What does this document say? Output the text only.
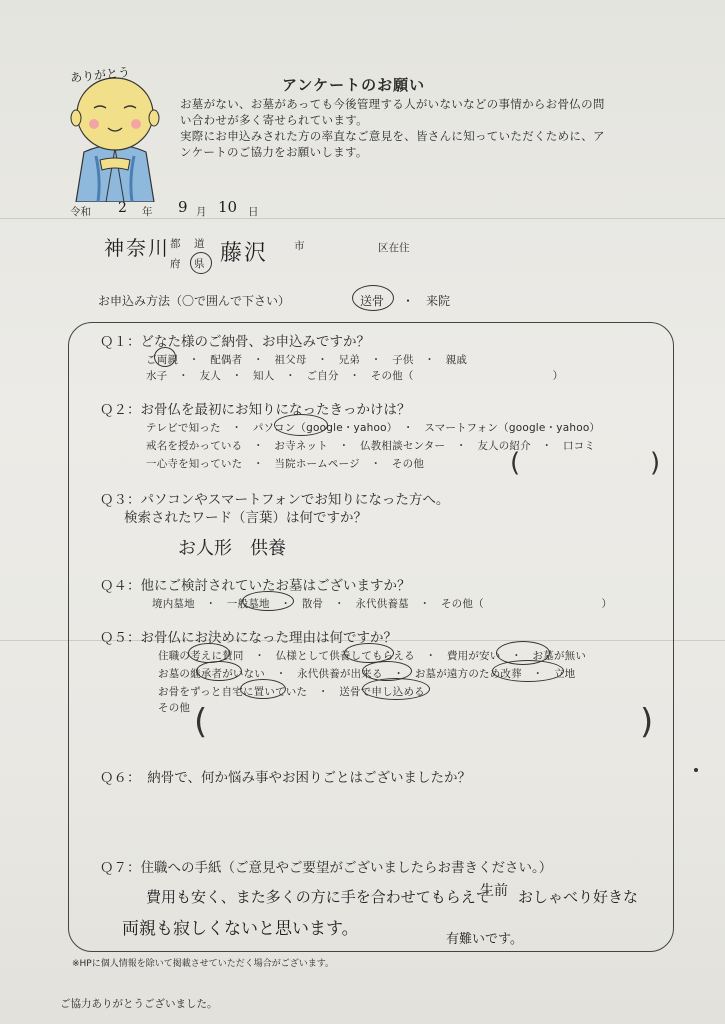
ありがとう	アンケートのお願い
お墓がない、お墓があっても今後管理する人がいないなどの事情からお骨仏の問
い合わせが多く寄せられています。
実際にお申込みされた方の率直なご意見を、皆さんに知っていただくために、ア
ンケートのご協力をお願いします。
令和 2 年 9 月 10 日
神奈川 都 道
府 県 藤沢 市	区在住
お申込み方法（〇で囲んで下さい）	送骨 ・ 来院
Ｑ１：どなた様のご納骨、お申込みですか？
ご両親　・　配偶者　・　祖父母　・　兄弟　・　子供　・　親戚
水子　・　友人　・　知人　・　ご自分　・　その他（　　　　　　　　　　　　　）
Ｑ２：お骨仏を最初にお知りになったきっかけは？
テレビで知った　・　パソコン（google・yahoo）　・　スマートフォン（google・yahoo）
戒名を授かっている　・　お寺ネット　・　仏教相談センター　・　友人の紹介　・　口コミ
一心寺を知っていた　・　当院ホームページ　・　その他	(	)
Ｑ３：パソコンやスマートフォンでお知りになった方へ。
検索されたワード（言葉）は何ですか？
お人形　供養
Ｑ４：他にご検討されていたお墓はございますか？
境内墓地　・　一般墓地　・　散骨　・　永代供養墓　・　その他（　　　　　　　　　　　）
Ｑ５：お骨仏にお決めになった理由は何ですか？
住職の考えに賛同　・　仏様として供養してもらえる　・　費用が安い　・　お墓が無い
お墓の継承者がいない　・　永代供養が出来る　・　お墓が遠方のため改葬　・　立地
お骨をずっと自宅に置いていた　・　送骨で申し込める
その他 (	)
Ｑ６：　納骨で、何か悩み事やお困りごとはございましたか？
Ｑ７：住職への手紙（ご意見やご要望がございましたらお書きください。）
費用も安く、また多くの方に手を合わせてもらえて
生前 おしゃべり好きな
両親も寂しくないと思います。
有難いです。
※HPに個人情報を除いて掲載させていただく場合がございます。
ご協力ありがとうございました。
